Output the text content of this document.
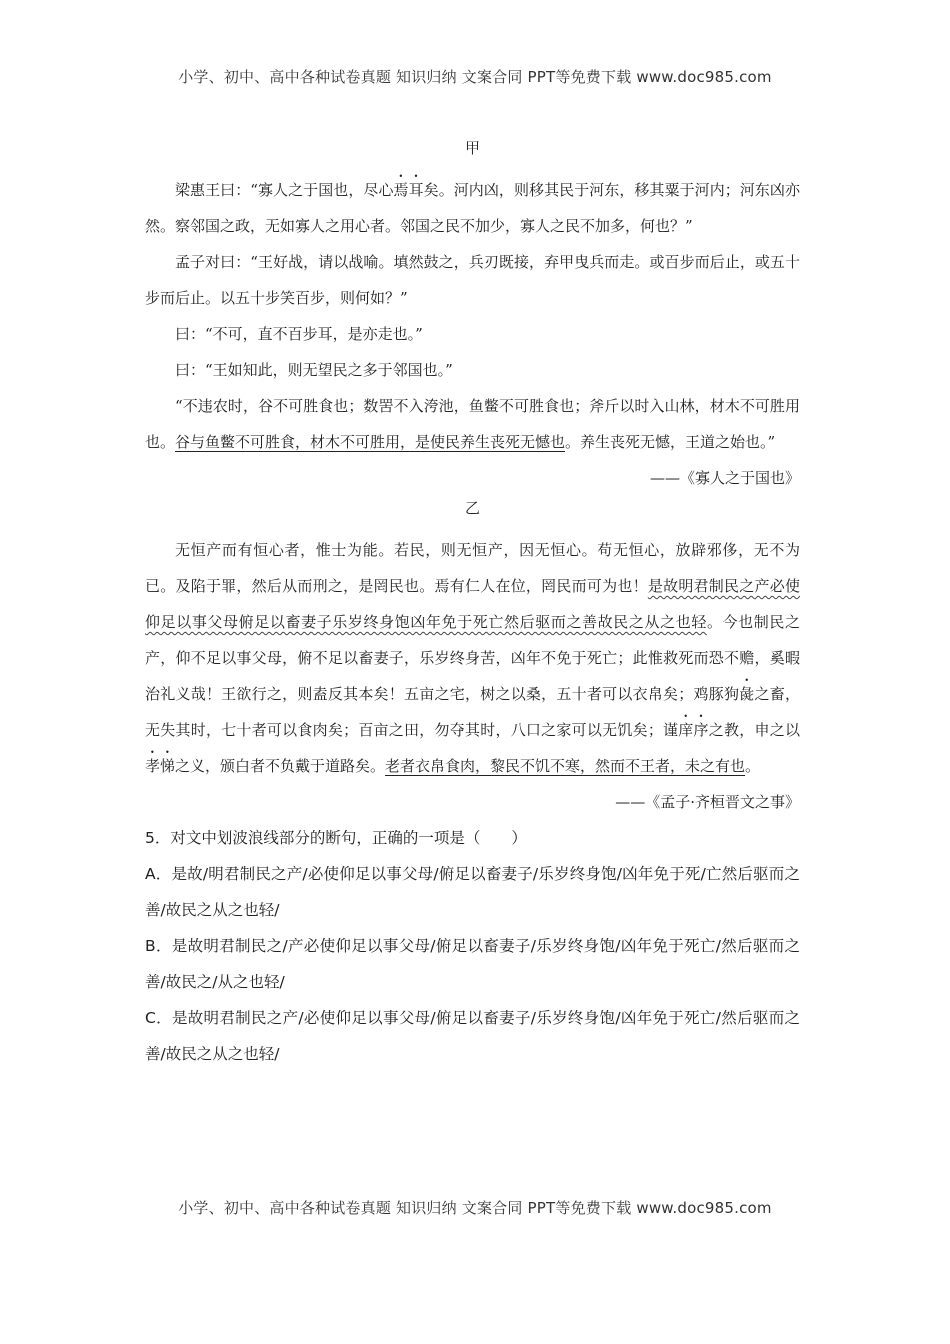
小学、初中、高中各种试卷真题 知识归纳 文案合同 PPT等免费下载 www.doc985.com
甲

梁惠王曰：“寡人之于国也，尽心焉耳矣。河内凶，则移其民于河东，移其粟于河内；河东凶亦然。察邻国之政，无如寡人之用心者。邻国之民不加少，寡人之民不加多，何也？”

孟子对曰：“王好战，请以战喻。填然鼓之，兵刃既接，弃甲曳兵而走。或百步而后止，或五十步而后止。以五十步笑百步，则何如？”

曰：“不可，直不百步耳，是亦走也。”

曰：“王如知此，则无望民之多于邻国也。”

“不违农时，谷不可胜食也；数罟不入洿池，鱼鳖不可胜食也；斧斤以时入山林，材木不可胜用也。谷与鱼鳖不可胜食，材木不可胜用，是使民养生丧死无憾也。养生丧死无憾，王道之始也。”

——《寡人之于国也》

乙

无恒产而有恒心者，惟士为能。若民，则无恒产，因无恒心。苟无恒心，放辟邪侈，无不为已。及陷于罪，然后从而刑之，是罔民也。焉有仁人在位，罔民而可为也！是故明君制民之产必使仰足以事父母俯足以畜妻子乐岁终身饱凶年免于死亡然后驱而之善故民之从之也轻。今也制民之产，仰不足以事父母，俯不足以畜妻子，乐岁终身苦，凶年不免于死亡；此惟救死而恐不赡，奚暇治礼义哉！王欲行之，则盍反其本矣！五亩之宅，树之以桑，五十者可以衣帛矣；鸡豚狗彘之畜，无失其时，七十者可以食肉矣；百亩之田，勿夺其时，八口之家可以无饥矣；谨庠序之教，申之以孝悌之义，颁白者不负戴于道路矣。老者衣帛食肉，黎民不饥不寒，然而不王者，未之有也。

——《孟子·齐桓晋文之事》

5．对文中划波浪线部分的断句，正确的一项是（　　）

A．是故/明君制民之产/必使仰足以事父母/俯足以畜妻子/乐岁终身饱/凶年免于死/亡然后驱而之善/故民之从之也轻/

B．是故明君制民之/产必使仰足以事父母/俯足以畜妻子/乐岁终身饱/凶年免于死亡/然后驱而之善/故民之/从之也轻/

C．是故明君制民之产/必使仰足以事父母/俯足以畜妻子/乐岁终身饱/凶年免于死亡/然后驱而之善/故民之从之也轻/

小学、初中、高中各种试卷真题 知识归纳 文案合同 PPT等免费下载 www.doc985.com
